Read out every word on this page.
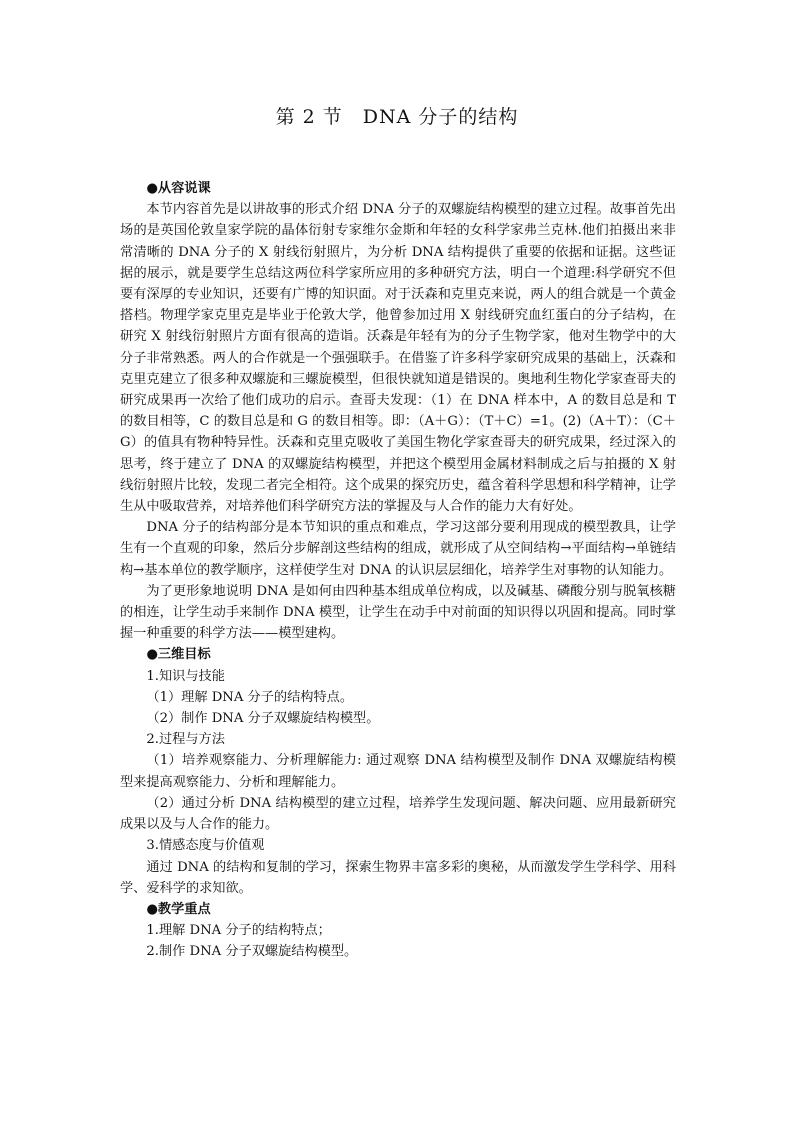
第 2 节　DNA 分子的结构

●从容说课

本节内容首先是以讲故事的形式介绍 DNA 分子的双螺旋结构模型的建立过程。故事首先出场的是英国伦敦皇家学院的晶体衍射专家维尔金斯和年轻的女科学家弗兰克林.他们拍摄出来非常清晰的 DNA 分子的 X 射线衍射照片，为分析 DNA 结构提供了重要的依据和证据。这些证据的展示，就是要学生总结这两位科学家所应用的多种研究方法，明白一个道理:科学研究不但要有深厚的专业知识，还要有广博的知识面。对于沃森和克里克来说，两人的组合就是一个黄金搭档。物理学家克里克是毕业于伦敦大学，他曾参加过用 X 射线研究血红蛋白的分子结构，在研究 X 射线衍射照片方面有很高的造诣。沃森是年轻有为的分子生物学家，他对生物学中的大分子非常熟悉。两人的合作就是一个强强联手。在借鉴了许多科学家研究成果的基础上，沃森和克里克建立了很多种双螺旋和三螺旋模型，但很快就知道是错误的。奥地利生物化学家查哥夫的研究成果再一次给了他们成功的启示。查哥夫发现：（1）在 DNA 样本中，A 的数目总是和 T 的数目相等，C 的数目总是和 G 的数目相等。即：（A＋G）：（T＋C）=1。(2)（A＋T）：（C＋G）的值具有物种特异性。沃森和克里克吸收了美国生物化学家查哥夫的研究成果，经过深入的思考，终于建立了 DNA 的双螺旋结构模型，并把这个模型用金属材料制成之后与拍摄的 X 射线衍射照片比较，发现二者完全相符。这个成果的探究历史，蕴含着科学思想和科学精神，让学生从中吸取营养，对培养他们科学研究方法的掌握及与人合作的能力大有好处。

DNA 分子的结构部分是本节知识的重点和难点，学习这部分要利用现成的模型教具，让学生有一个直观的印象，然后分步解剖这些结构的组成，就形成了从空间结构→平面结构→单链结构→基本单位的教学顺序，这样使学生对 DNA 的认识层层细化，培养学生对事物的认知能力。

为了更形象地说明 DNA 是如何由四种基本组成单位构成，以及碱基、磷酸分别与脱氧核糖的相连，让学生动手来制作 DNA 模型，让学生在动手中对前面的知识得以巩固和提高。同时掌握一种重要的科学方法——模型建构。

●三维目标

1.知识与技能

（1）理解 DNA 分子的结构特点。

（2）制作 DNA 分子双螺旋结构模型。

2.过程与方法

（1）培养观察能力、分析理解能力: 通过观察 DNA 结构模型及制作 DNA 双螺旋结构模型来提高观察能力、分析和理解能力。

（2）通过分析 DNA 结构模型的建立过程，培养学生发现问题、解决问题、应用最新研究成果以及与人合作的能力。

3.情感态度与价值观

通过 DNA 的结构和复制的学习，探索生物界丰富多彩的奥秘，从而激发学生学科学、用科学、爱科学的求知欲。

●教学重点

1.理解 DNA 分子的结构特点；

2.制作 DNA 分子双螺旋结构模型。
